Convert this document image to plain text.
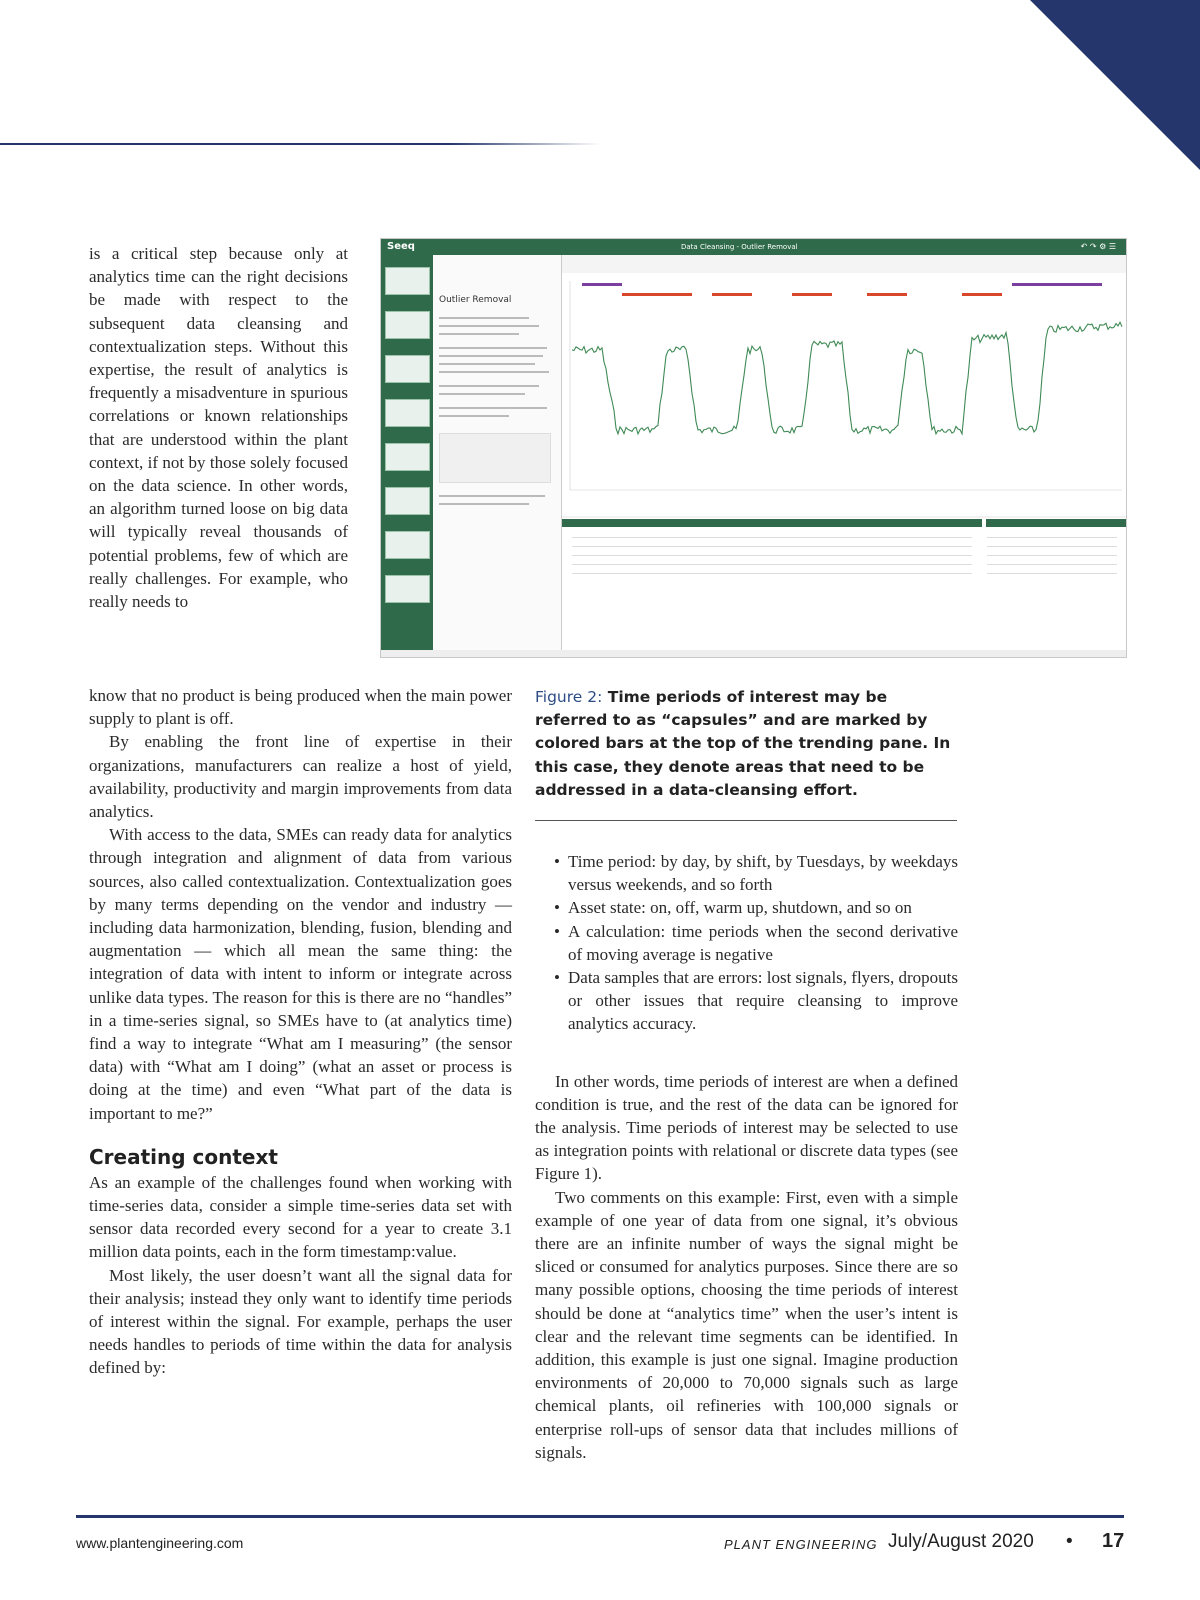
is a critical step because only at analytics time can the right decisions be made with respect to the subsequent data cleansing and contextualization steps. Without this expertise, the result of analytics is frequently a misadventure in spurious correlations or known relationships that are understood within the plant context, if not by those solely focused on the data science. In other words, an algorithm turned loose on big data will typically reveal thousands of potential problems, few of which are really challenges. For example, who really needs to

Seeq	Data Cleansing - Outlier Removal	↶ ↷ ⚙ ☰
Outlier Removal
Figure 2: Time periods of interest may be referred to as “capsules” and are marked by colored bars at the top of the trending pane. In this case, they denote areas that need to be addressed in a data-cleansing effort.

know that no product is being produced when the main power supply to plant is off.

By enabling the front line of expertise in their organizations, manufacturers can realize a host of yield, availability, productivity and margin improvements from data analytics.

With access to the data, SMEs can ready data for analytics through integration and alignment of data from various sources, also called contextualization. Contextualization goes by many terms depending on the vendor and industry — including data harmonization, blending, fusion, blending and augmentation — which all mean the same thing: the integration of data with intent to inform or integrate across unlike data types. The reason for this is there are no “handles” in a time-series signal, so SMEs have to (at analytics time) find a way to integrate “What am I measuring” (the sensor data) with “What am I doing” (what an asset or process is doing at the time) and even “What part of the data is important to me?”

Creating context

As an example of the challenges found when working with time-series data, consider a simple time-series data set with sensor data recorded every second for a year to create 3.1 million data points, each in the form timestamp:value.

Most likely, the user doesn’t want all the signal data for their analysis; instead they only want to identify time periods of interest within the signal. For example, perhaps the user needs handles to periods of time within the data for analysis defined by:

• Time period: by day, by shift, by Tuesdays, by weekdays versus weekends, and so forth
• Asset state: on, off, warm up, shutdown, and so on
• A calculation: time periods when the second derivative of moving average is negative
• Data samples that are errors: lost signals, flyers, dropouts or other issues that require cleansing to improve analytics accuracy.

In other words, time periods of interest are when a defined condition is true, and the rest of the data can be ignored for the analysis. Time periods of interest may be selected to use as integration points with relational or discrete data types (see Figure 1).

Two comments on this example: First, even with a simple example of one year of data from one signal, it’s obvious there are an infinite number of ways the signal might be sliced or consumed for analytics purposes. Since there are so many possible options, choosing the time periods of interest should be done at “analytics time” when the user’s intent is clear and the relevant time segments can be identified. In addition, this example is just one signal. Imagine production environments of 20,000 to 70,000 signals such as large chemical plants, oil refineries with 100,000 signals or enterprise roll-ups of sensor data that includes millions of signals.

www.plantengineering.com	PLANT ENGINEERING July/August 2020 • 17
